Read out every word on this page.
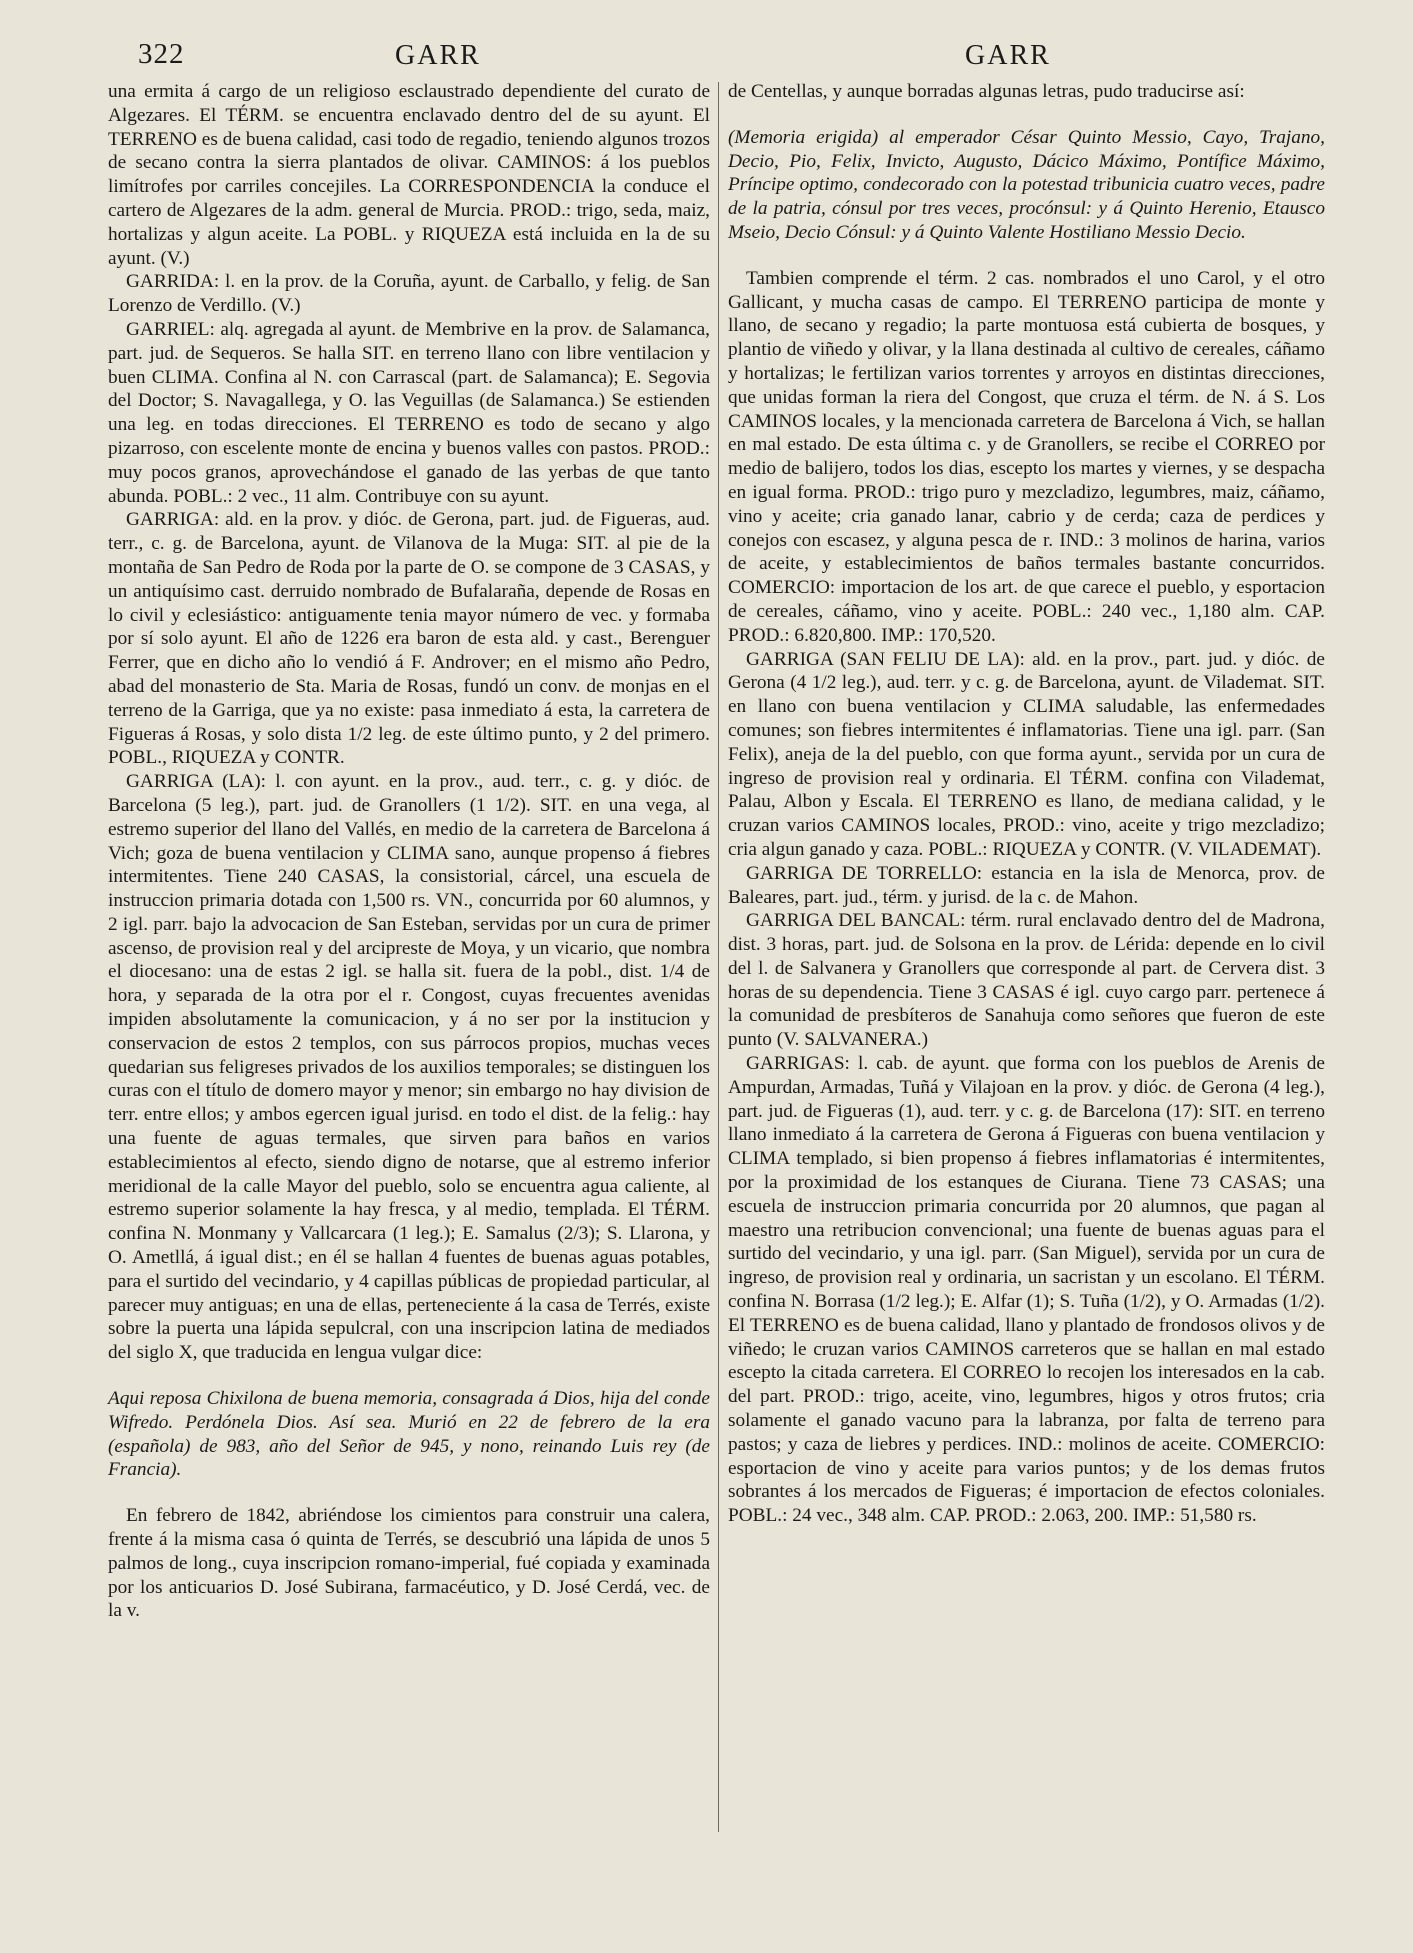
322	GARR	GARR

una ermita á cargo de un religioso esclaustrado dependiente del curato de Algezares. El TÉRM. se encuentra enclavado dentro del de su ayunt. El TERRENO es de buena calidad, casi todo de regadio, teniendo algunos trozos de secano contra la sierra plantados de olivar. CAMINOS: á los pueblos limítrofes por carriles concejiles. La CORRESPONDENCIA la conduce el cartero de Algezares de la adm. general de Murcia. PROD.: trigo, seda, maiz, hortalizas y algun aceite. La POBL. y RIQUEZA está incluida en la de su ayunt. (V.)

GARRIDA: l. en la prov. de la Coruña, ayunt. de Carballo, y felig. de San Lorenzo de Verdillo. (V.)

GARRIEL: alq. agregada al ayunt. de Membrive en la prov. de Salamanca, part. jud. de Sequeros. Se halla SIT. en terreno llano con libre ventilacion y buen CLIMA. Confina al N. con Carrascal (part. de Salamanca); E. Segovia del Doctor; S. Navagallega, y O. las Veguillas (de Salamanca.) Se estienden una leg. en todas direcciones. El TERRENO es todo de secano y algo pizarroso, con escelente monte de encina y buenos valles con pastos. PROD.: muy pocos granos, aprovechándose el ganado de las yerbas de que tanto abunda. POBL.: 2 vec., 11 alm. Contribuye con su ayunt.

GARRIGA: ald. en la prov. y dióc. de Gerona, part. jud. de Figueras, aud. terr., c. g. de Barcelona, ayunt. de Vilanova de la Muga: SIT. al pie de la montaña de San Pedro de Roda por la parte de O. se compone de 3 CASAS, y un antiquísimo cast. derruido nombrado de Bufalaraña, depende de Rosas en lo civil y eclesiástico: antiguamente tenia mayor número de vec. y formaba por sí solo ayunt. El año de 1226 era baron de esta ald. y cast., Berenguer Ferrer, que en dicho año lo vendió á F. Androver; en el mismo año Pedro, abad del monasterio de Sta. Maria de Rosas, fundó un conv. de monjas en el terreno de la Garriga, que ya no existe: pasa inmediato á esta, la carretera de Figueras á Rosas, y solo dista 1/2 leg. de este último punto, y 2 del primero. POBL., RIQUEZA y CONTR.

GARRIGA (LA): l. con ayunt. en la prov., aud. terr., c. g. y dióc. de Barcelona (5 leg.), part. jud. de Granollers (1 1/2). SIT. en una vega, al estremo superior del llano del Vallés, en medio de la carretera de Barcelona á Vich; goza de buena ventilacion y CLIMA sano, aunque propenso á fiebres intermitentes. Tiene 240 CASAS, la consistorial, cárcel, una escuela de instruccion primaria dotada con 1,500 rs. VN., concurrida por 60 alumnos, y 2 igl. parr. bajo la advocacion de San Esteban, servidas por un cura de primer ascenso, de provision real y del arcipreste de Moya, y un vicario, que nombra el diocesano: una de estas 2 igl. se halla sit. fuera de la pobl., dist. 1/4 de hora, y separada de la otra por el r. Congost, cuyas frecuentes avenidas impiden absolutamente la comunicacion, y á no ser por la institucion y conservacion de estos 2 templos, con sus párrocos propios, muchas veces quedarian sus feligreses privados de los auxilios temporales; se distinguen los curas con el título de domero mayor y menor; sin embargo no hay division de terr. entre ellos; y ambos egercen igual jurisd. en todo el dist. de la felig.: hay una fuente de aguas termales, que sirven para baños en varios establecimientos al efecto, siendo digno de notarse, que al estremo inferior meridional de la calle Mayor del pueblo, solo se encuentra agua caliente, al estremo superior solamente la hay fresca, y al medio, templada. El TÉRM. confina N. Monmany y Vallcarcara (1 leg.); E. Samalus (2/3); S. Llarona, y O. Ametllá, á igual dist.; en él se hallan 4 fuentes de buenas aguas potables, para el surtido del vecindario, y 4 capillas públicas de propiedad particular, al parecer muy antiguas; en una de ellas, perteneciente á la casa de Terrés, existe sobre la puerta una lápida sepulcral, con una inscripcion latina de mediados del siglo X, que traducida en lengua vulgar dice:

Aqui reposa Chixilona de buena memoria, consagrada á Dios, hija del conde Wifredo. Perdónela Dios. Así sea. Murió en 22 de febrero de la era (española) de 983, año del Señor de 945, y nono, reinando Luis rey (de Francia).

En febrero de 1842, abriéndose los cimientos para construir una calera, frente á la misma casa ó quinta de Terrés, se descubrió una lápida de unos 5 palmos de long., cuya inscripcion romano-imperial, fué copiada y examinada por los anticuarios D. José Subirana, farmacéutico, y D. José Cerdá, vec. de la v.

de Centellas, y aunque borradas algunas letras, pudo traducirse así:

(Memoria erigida) al emperador César Quinto Messio, Cayo, Trajano, Decio, Pio, Felix, Invicto, Augusto, Dácico Máximo, Pontífice Máximo, Príncipe optimo, condecorado con la potestad tribunicia cuatro veces, padre de la patria, cónsul por tres veces, procónsul: y á Quinto Herenio, Etausco Mseio, Decio Cónsul: y á Quinto Valente Hostiliano Messio Decio.

Tambien comprende el térm. 2 cas. nombrados el uno Carol, y el otro Gallicant, y mucha casas de campo. El TERRENO participa de monte y llano, de secano y regadio; la parte montuosa está cubierta de bosques, y plantio de viñedo y olivar, y la llana destinada al cultivo de cereales, cáñamo y hortalizas; le fertilizan varios torrentes y arroyos en distintas direcciones, que unidas forman la riera del Congost, que cruza el térm. de N. á S. Los CAMINOS locales, y la mencionada carretera de Barcelona á Vich, se hallan en mal estado. De esta última c. y de Granollers, se recibe el CORREO por medio de balijero, todos los dias, escepto los martes y viernes, y se despacha en igual forma. PROD.: trigo puro y mezcladizo, legumbres, maiz, cáñamo, vino y aceite; cria ganado lanar, cabrio y de cerda; caza de perdices y conejos con escasez, y alguna pesca de r. IND.: 3 molinos de harina, varios de aceite, y establecimientos de baños termales bastante concurridos. COMERCIO: importacion de los art. de que carece el pueblo, y esportacion de cereales, cáñamo, vino y aceite. POBL.: 240 vec., 1,180 alm. CAP. PROD.: 6.820,800. IMP.: 170,520.

GARRIGA (SAN FELIU DE LA): ald. en la prov., part. jud. y dióc. de Gerona (4 1/2 leg.), aud. terr. y c. g. de Barcelona, ayunt. de Vilademat. SIT. en llano con buena ventilacion y CLIMA saludable, las enfermedades comunes; son fiebres intermitentes é inflamatorias. Tiene una igl. parr. (San Felix), aneja de la del pueblo, con que forma ayunt., servida por un cura de ingreso de provision real y ordinaria. El TÉRM. confina con Vilademat, Palau, Albon y Escala. El TERRENO es llano, de mediana calidad, y le cruzan varios CAMINOS locales, PROD.: vino, aceite y trigo mezcladizo; cria algun ganado y caza. POBL.: RIQUEZA y CONTR. (V. VILADEMAT).

GARRIGA DE TORRELLO: estancia en la isla de Menorca, prov. de Baleares, part. jud., térm. y jurisd. de la c. de Mahon.

GARRIGA DEL BANCAL: térm. rural enclavado dentro del de Madrona, dist. 3 horas, part. jud. de Solsona en la prov. de Lérida: depende en lo civil del l. de Salvanera y Granollers que corresponde al part. de Cervera dist. 3 horas de su dependencia. Tiene 3 CASAS é igl. cuyo cargo parr. pertenece á la comunidad de presbíteros de Sanahuja como señores que fueron de este punto (V. SALVANERA.)

GARRIGAS: l. cab. de ayunt. que forma con los pueblos de Arenis de Ampurdan, Armadas, Tuñá y Vilajoan en la prov. y dióc. de Gerona (4 leg.), part. jud. de Figueras (1), aud. terr. y c. g. de Barcelona (17): SIT. en terreno llano inmediato á la carretera de Gerona á Figueras con buena ventilacion y CLIMA templado, si bien propenso á fiebres inflamatorias é intermitentes, por la proximidad de los estanques de Ciurana. Tiene 73 CASAS; una escuela de instruccion primaria concurrida por 20 alumnos, que pagan al maestro una retribucion convencional; una fuente de buenas aguas para el surtido del vecindario, y una igl. parr. (San Miguel), servida por un cura de ingreso, de provision real y ordinaria, un sacristan y un escolano. El TÉRM. confina N. Borrasa (1/2 leg.); E. Alfar (1); S. Tuña (1/2), y O. Armadas (1/2). El TERRENO es de buena calidad, llano y plantado de frondosos olivos y de viñedo; le cruzan varios CAMINOS carreteros que se hallan en mal estado escepto la citada carretera. El CORREO lo recojen los interesados en la cab. del part. PROD.: trigo, aceite, vino, legumbres, higos y otros frutos; cria solamente el ganado vacuno para la labranza, por falta de terreno para pastos; y caza de liebres y perdices. IND.: molinos de aceite. COMERCIO: esportacion de vino y aceite para varios puntos; y de los demas frutos sobrantes á los mercados de Figueras; é importacion de efectos coloniales. POBL.: 24 vec., 348 alm. CAP. PROD.: 2.063, 200. IMP.: 51,580 rs.
